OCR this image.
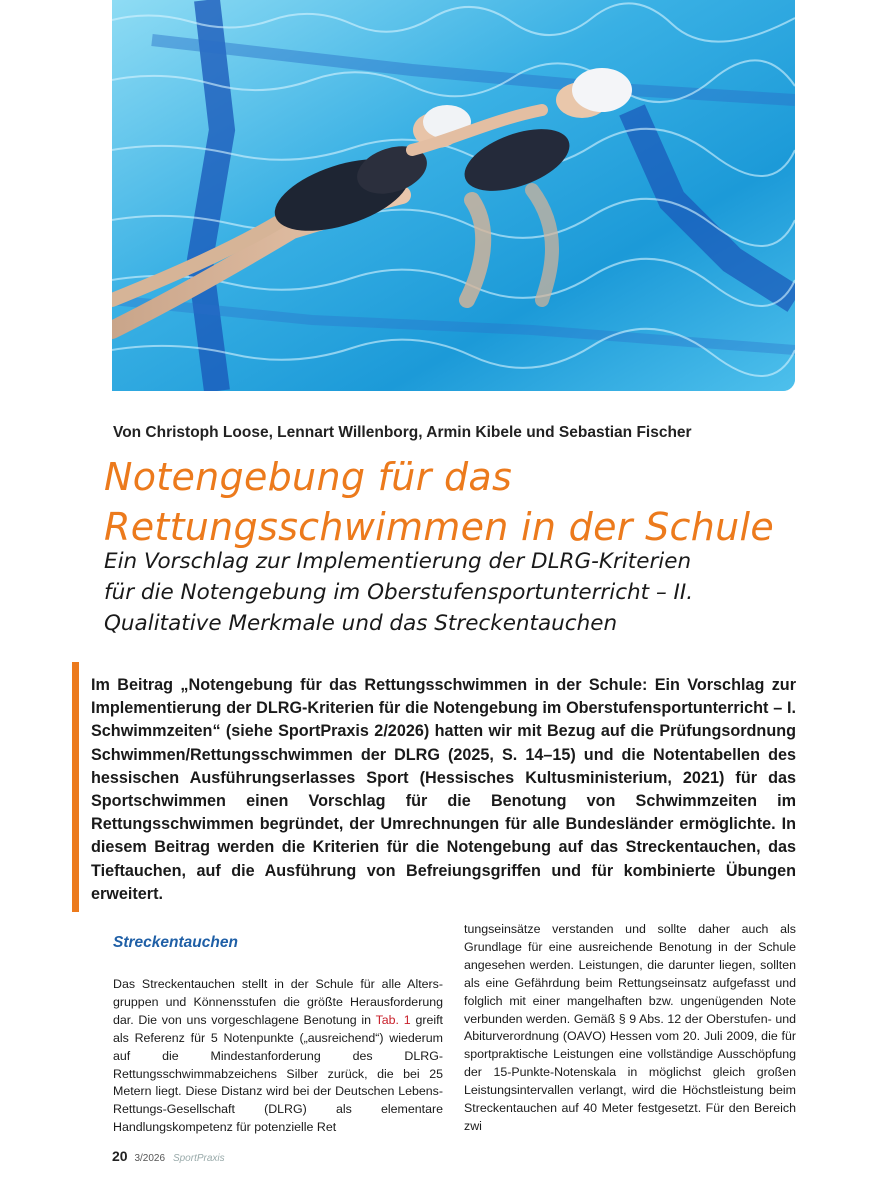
Von Christoph Loose, Lennart Willenborg, Armin Kibele und Sebastian Fischer
Notengebung für das
Rettungsschwimmen in der Schule
Ein Vorschlag zur Implementierung der DLRG-Kriterien
für die Notengebung im Oberstufensportunterricht – II.
Qualitative Merkmale und das Streckentauchen

Im Beitrag „Notengebung für das Rettungsschwimmen in der Schule: Ein Vorschlag zur Implementierung der DLRG-Kriterien für die Notengebung im Oberstufensportunterricht – I. Schwimmzeiten“ (siehe SportPraxis 2/2026) hatten wir mit Bezug auf die Prüfungsordnung Schwimmen/Rettungsschwimmen der DLRG (2025, S. 14–15) und die Notentabellen des hessischen Ausführungserlasses Sport (Hessisches Kultusministerium, 2021) für das Sportschwimmen einen Vorschlag für die Benotung von Schwimmzeiten im Rettungsschwimmen begründet, der Umrechnungen für alle Bundesländer ermöglichte. In diesem Beitrag werden die Kriterien für die Notengebung auf das Streckentauchen, das Tieftauchen, auf die Ausführung von Befreiungsgriffen und für kombinierte Übungen erweitert.

Streckentauchen

Das Streckentauchen stellt in der Schule für alle Altersgruppen und Könnensstufen die größte Herausforderung dar. Die von uns vorgeschlagene Benotung in Tab. 1 greift als Referenz für 5 Notenpunkte („ausreichend“) wiederum auf die Mindestanforderung des DLRG-Rettungsschwimmabzeichens Silber zurück, die bei 25 Metern liegt. Diese Distanz wird bei der Deutschen Lebens-Rettungs-Gesellschaft (DLRG) als elementare Handlungskompetenz für potenzielle Ret

tungseinsätze verstanden und sollte daher auch als Grundlage für eine ausreichende Benotung in der Schule angesehen werden. Leistungen, die darunter liegen, sollten als eine Gefährdung beim Rettungseinsatz aufgefasst und folglich mit einer mangelhaften bzw. ungenügenden Note verbunden werden. Gemäß § 9 Abs. 12 der Oberstufen- und Abiturverordnung (OAVO) Hessen vom 20. Juli 2009, die für sportpraktische Leistungen eine vollständige Ausschöpfung der 15-Punkte-Notenskala in möglichst gleich großen Leistungsintervallen verlangt, wird die Höchstleistung beim Streckentauchen auf 40 Meter festgesetzt. Für den Bereich zwi

20 3/2026 SportPraxis
